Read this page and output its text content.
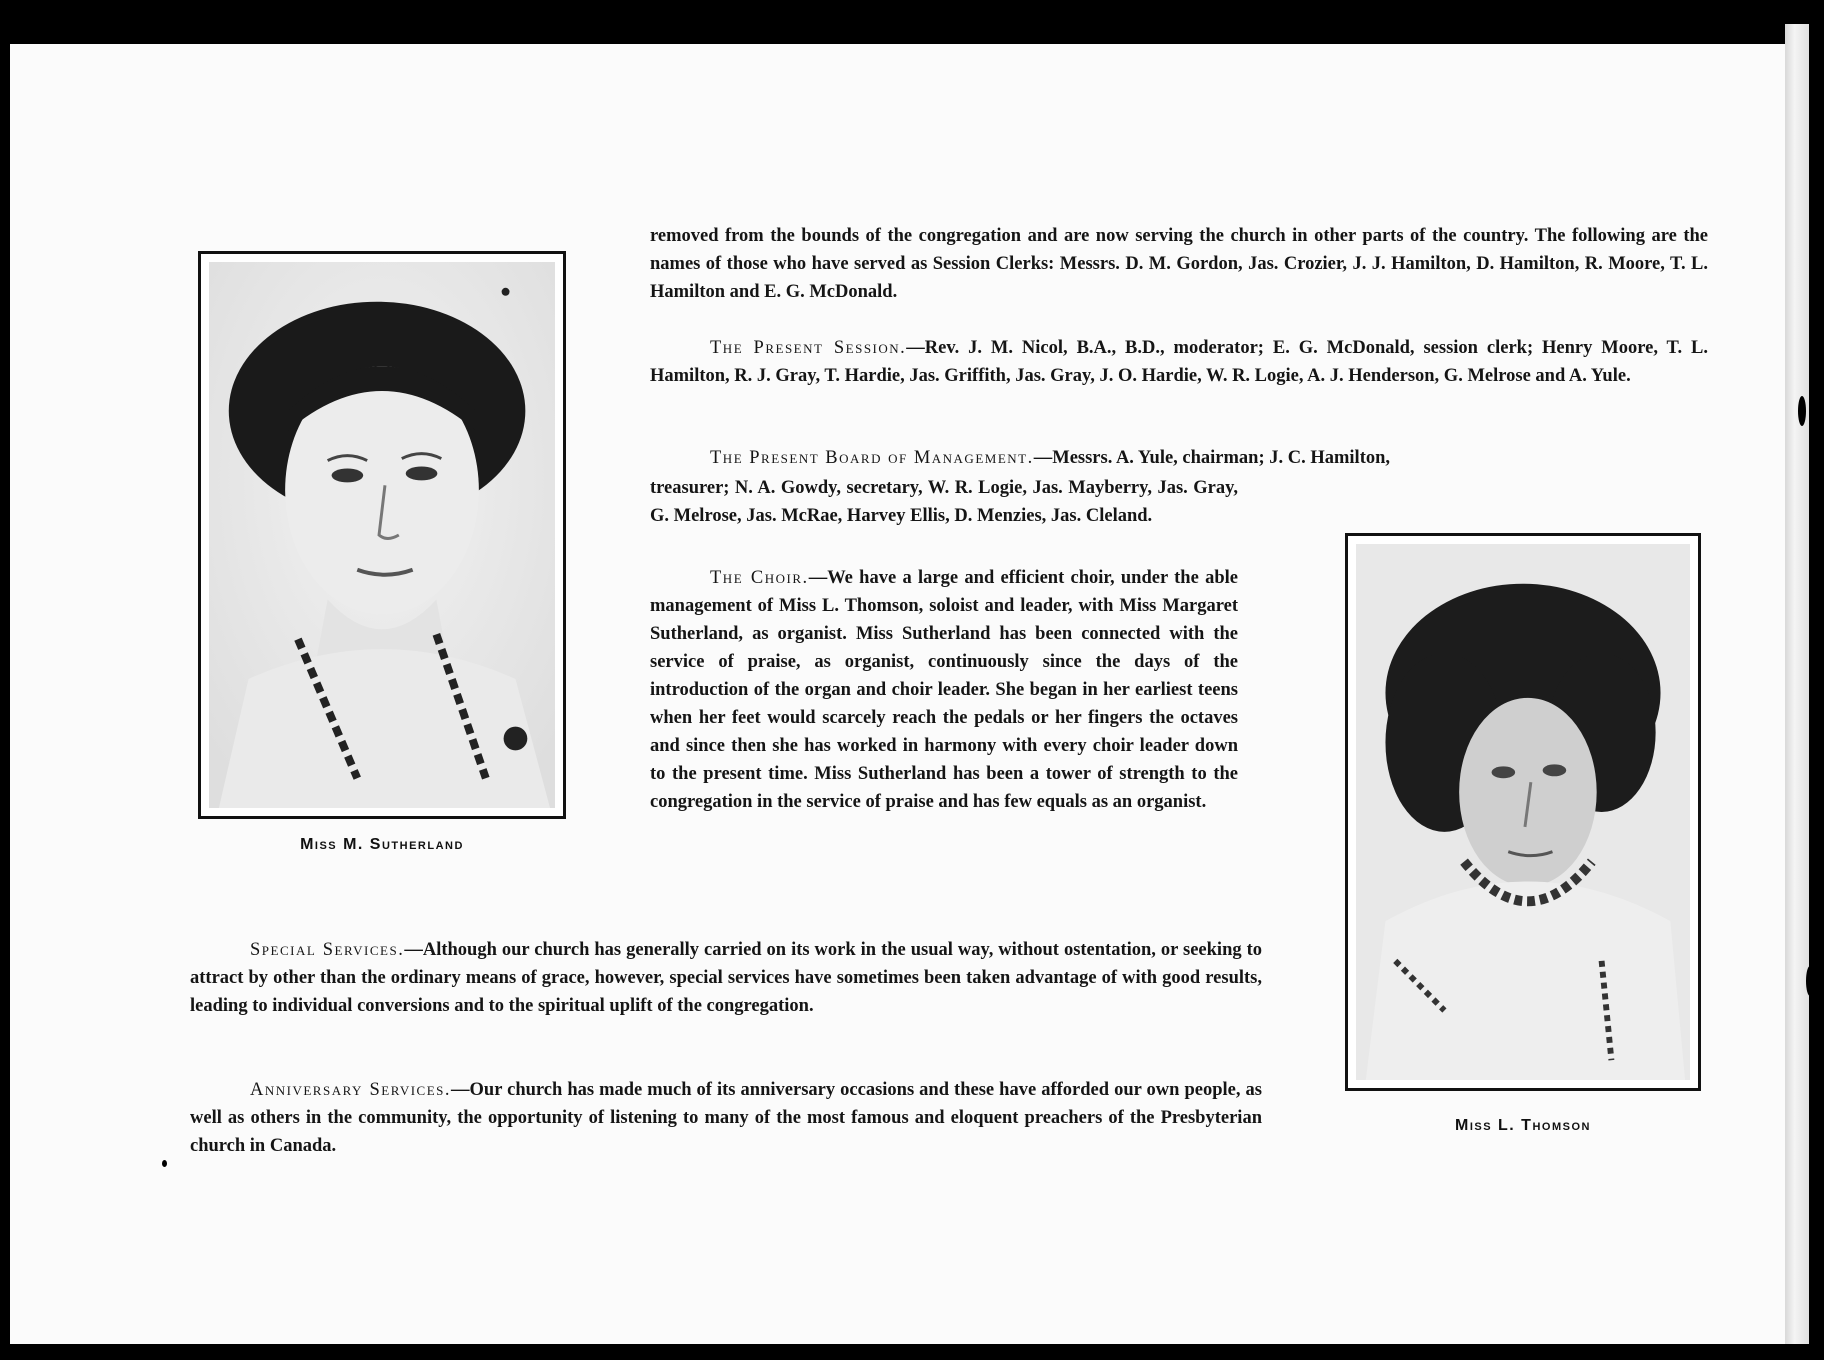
Miss M. Sutherland
Miss L. Thomson
removed from the bounds of the congregation and are now serving the church in other parts of the country. The following are the names of those who have served as Session Clerks: Messrs. D. M. Gordon, Jas. Crozier, J. J. Hamilton, D. Hamilton, R. Moore, T. L. Hamilton and E. G. McDonald.
The Present Session.—Rev. J. M. Nicol, B.A., B.D., moderator; E. G. McDonald, session clerk; Henry Moore, T. L. Hamilton, R. J. Gray, T. Hardie, Jas. Griffith, Jas. Gray, J. O. Hardie, W. R. Logie, A. J. Henderson, G. Melrose and A. Yule.
The Present Board of Management.—Messrs. A. Yule, chairman; J. C. Hamilton,
treasurer; N. A. Gowdy, secretary, W. R. Logie, Jas. Mayberry, Jas. Gray, G. Melrose, Jas. McRae, Harvey Ellis, D. Menzies, Jas. Cleland.
The Choir.—We have a large and efficient choir, under the able management of Miss L. Thomson, soloist and leader, with Miss Margaret Sutherland, as organist. Miss Sutherland has been connected with the service of praise, as organist, continuously since the days of the introduction of the organ and choir leader. She began in her earliest teens when her feet would scarcely reach the pedals or her fingers the octaves and since then she has worked in harmony with every choir leader down to the present time. Miss Sutherland has been a tower of strength to the congregation in the service of praise and has few equals as an organist.
Special Services.—Although our church has generally carried on its work in the usual way, without ostentation, or seeking to attract by other than the ordinary means of grace, however, special services have sometimes been taken advantage of with good results, leading to individual conversions and to the spiritual uplift of the congregation.
Anniversary Services.—Our church has made much of its anniversary occasions and these have afforded our own people, as well as others in the community, the opportunity of listening to many of the most famous and eloquent preachers of the Presbyterian church in Canada.
